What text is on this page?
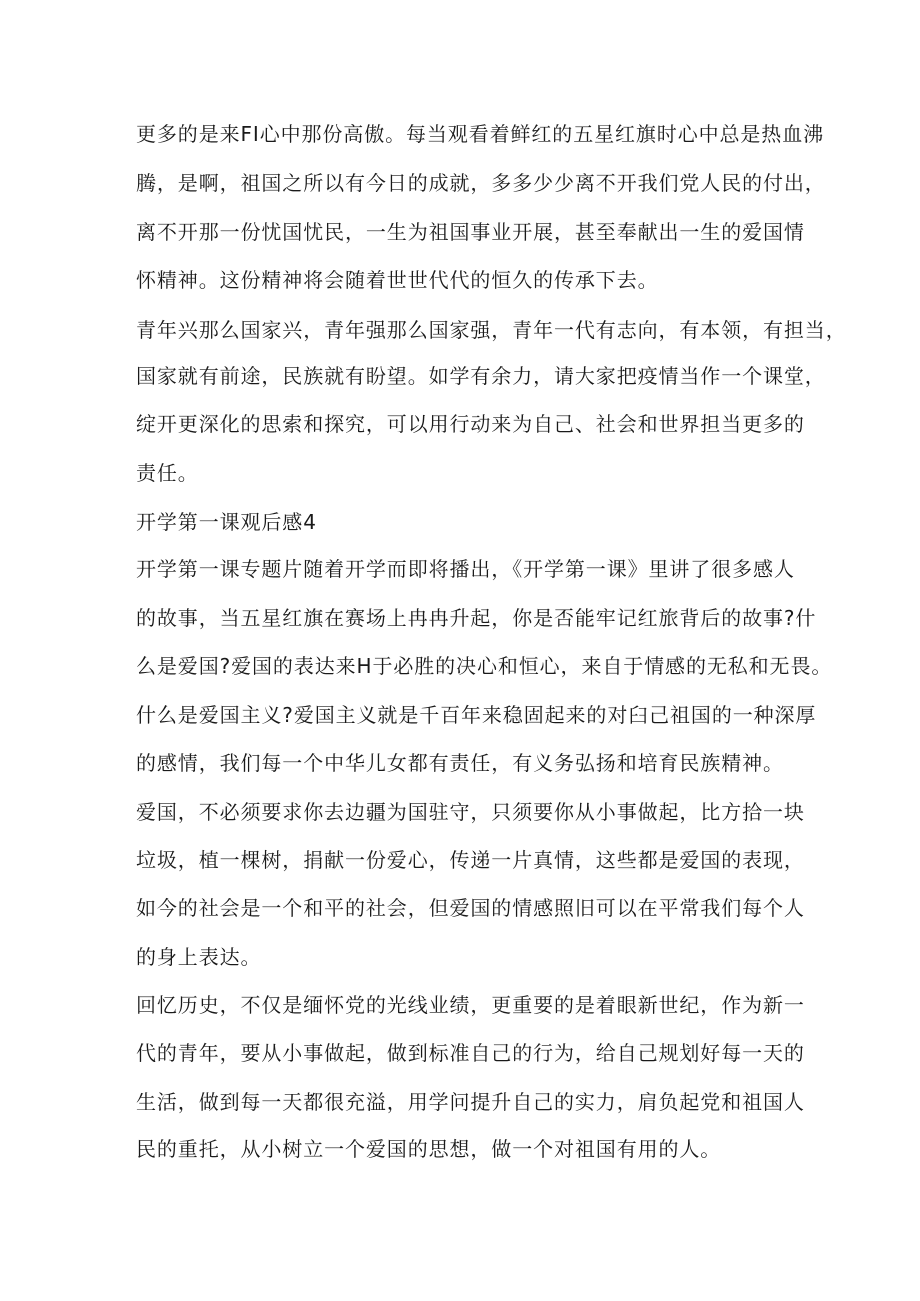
更多的是来FI心中那份高傲。每当观看着鲜红的五星红旗时心中总是热血沸

腾，是啊，祖国之所以有今日的成就，多多少少离不开我们党人民的付出，

离不开那一份忧国忧民，一生为祖国事业开展，甚至奉献出一生的爱国情

怀精神。这份精神将会随着世世代代的恒久的传承下去。

青年兴那么国家兴，青年强那么国家强，青年一代有志向，有本领，有担当，

国家就有前途，民族就有盼望。如学有余力，请大家把疫情当作一个课堂，

绽开更深化的思索和探究，可以用行动来为自己、社会和世界担当更多的

责任。

开学第一课观后感4

开学第一课专题片随着开学而即将播出，《开学第一课》里讲了很多感人

的故事，当五星红旗在赛场上冉冉升起，你是否能牢记红旅背后的故事?什

么是爱国?爱国的表达来H于必胜的决心和恒心，来自于情感的无私和无畏。

什么是爱国主义?爱国主义就是千百年来稳固起来的对臼己祖国的一种深厚

的感情，我们每一个中华儿女都有责任，有义务弘扬和培育民族精神。

爱国，不必须要求你去边疆为国驻守，只须要你从小事做起，比方拾一块

垃圾，植一棵树，捐献一份爱心，传递一片真情，这些都是爱国的表现，

如今的社会是一个和平的社会，但爱国的情感照旧可以在平常我们每个人

的身上表达。

回忆历史，不仅是缅怀党的光线业绩，更重要的是着眼新世纪，作为新一

代的青年，要从小事做起，做到标准自己的行为，给自己规划好每一天的

生活，做到每一天都很充溢，用学问提升自己的实力，肩负起党和祖国人

民的重托，从小树立一个爱国的思想，做一个对祖国有用的人。
